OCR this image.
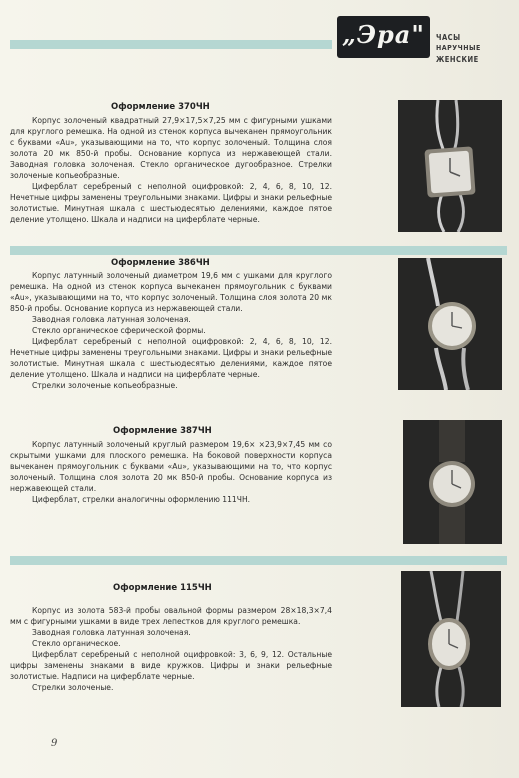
„Эра"	ЧАСЫ
НАРУЧНЫЕ
ЖЕНСКИЕ
Оформление 370ЧН

Корпус золоченый квадратный 27,9×17,5×7,25 мм с фигурными ушками для круглого ремешка. На одной из стенок корпуса вычеканен прямоугольник с буквами «Au», указывающими на то, что корпус золоченый. Толщина слоя золота 20 мк 850-й пробы. Основание корпуса из нержавеющей стали. Заводная головка золоченая. Стекло органическое дугообразное. Стрелки золоченые копьеобразные.

Циферблат серебреный с неполной оцифровкой: 2, 4, 6, 8, 10, 12. Нечетные цифры заменены треугольными знаками. Цифры и знаки рельефные золотистые. Минутная шкала с шестьюдесятью делениями, каждое пятое деление утолщено. Шкала и надписи на циферблате черные.

Оформление 386ЧН

Корпус латунный золоченый диаметром 19,6 мм с ушками для круглого ремешка. На одной из стенок корпуса вычеканен прямоугольник с буквами «Au», указывающими на то, что корпус золоченый. Толщина слоя золота 20 мк 850-й пробы. Основание корпуса из нержавеющей стали.

Заводная головка латунная золоченая.

Стекло органическое сферической формы.

Циферблат серебреный с неполной оцифровкой: 2, 4, 6, 8, 10, 12. Нечетные цифры заменены треугольными знаками. Цифры и знаки рельефные золотистые. Минутная шкала с шестьюдесятью делениями, каждое пятое деление утолщено. Шкала и надписи на циферблате черные.

Стрелки золоченые копьеобразные.

Оформление 387ЧН

Корпус латунный золоченый круглый размером 19,6× ×23,9×7,45 мм со скрытыми ушками для плоского ремешка. На боковой поверхности корпуса вычеканен прямоугольник с буквами «Au», указывающими на то, что корпус золоченый. Толщина слоя золота 20 мк 850-й пробы. Основание корпуса из нержавеющей стали.

Циферблат, стрелки аналогичны оформлению 111ЧН.

Оформление 115ЧН

Корпус из золота 583-й пробы овальной формы размером 28×18,3×7,4 мм с фигурными ушками в виде трех лепестков для круглого ремешка.

Заводная головка латунная золоченая.

Стекло органическое.

Циферблат серебреный с неполной оцифровкой: 3, 6, 9, 12. Остальные цифры заменены знаками в виде кружков. Цифры и знаки рельефные золотистые. Надписи на циферблате черные.

Стрелки золоченые.

9
